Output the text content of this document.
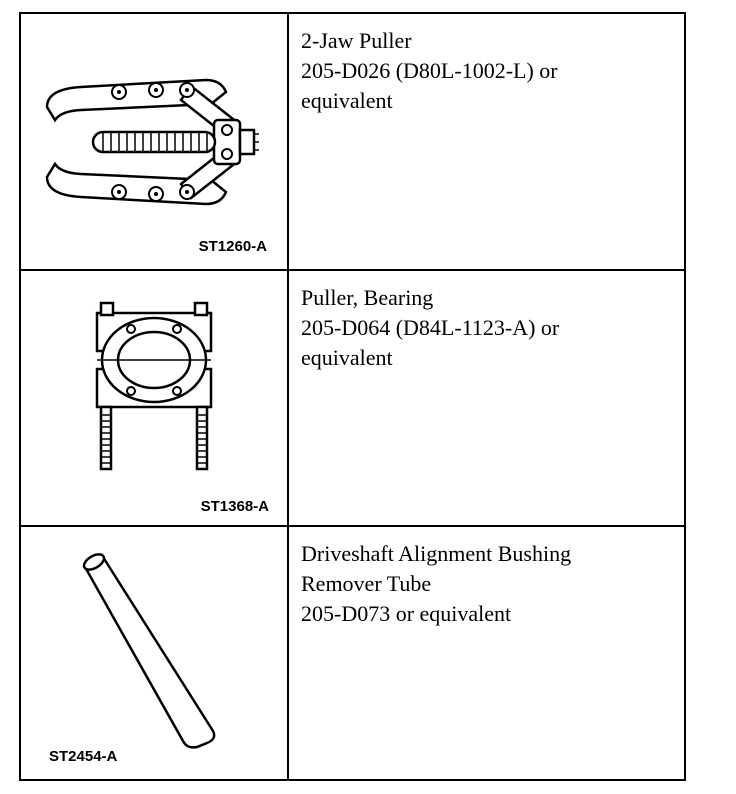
ST1260-A	2-Jaw Puller
205-D026 (D80L-1002-L) or
equivalent

ST1368-A	Puller, Bearing
205-D064 (D84L-1123-A) or
equivalent

ST2454-A	Driveshaft Alignment Bushing
Remover Tube
205-D073 or equivalent
